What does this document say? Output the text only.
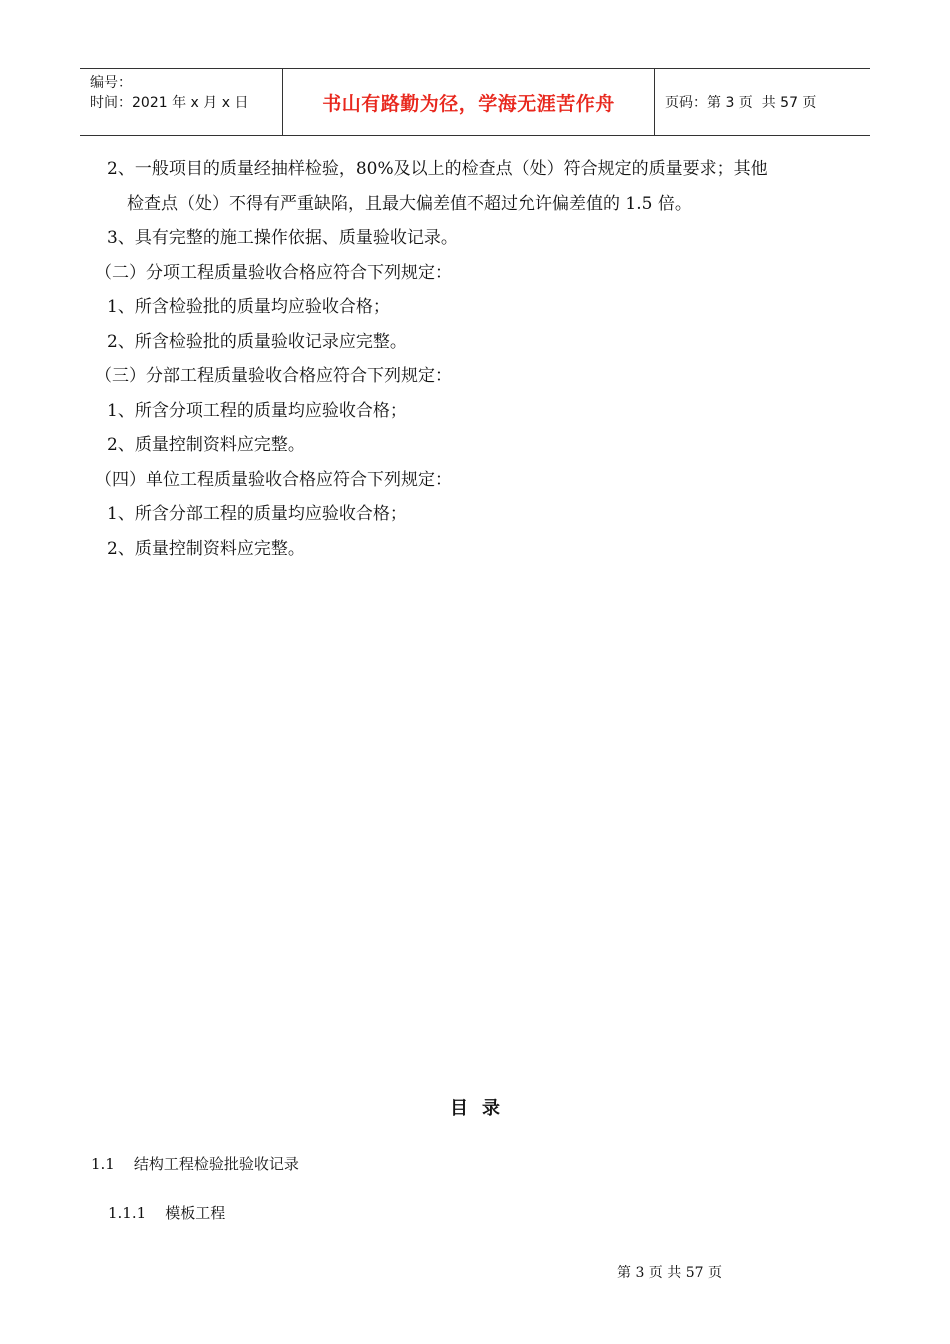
编号：
时间：2021 年 x 月 x 日	书山有路勤为径，学海无涯苦作舟	页码：第 3 页  共 57 页
2、一般项目的质量经抽样检验，80%及以上的检查点（处）符合规定的质量要求；其他
检查点（处）不得有严重缺陷，且最大偏差值不超过允许偏差值的 1.5 倍。
3、具有完整的施工操作依据、质量验收记录。
（二）分项工程质量验收合格应符合下列规定：
1、所含检验批的质量均应验收合格；
2、所含检验批的质量验收记录应完整。
（三）分部工程质量验收合格应符合下列规定：
1、所含分项工程的质量均应验收合格；
2、质量控制资料应完整。
（四）单位工程质量验收合格应符合下列规定：
1、所含分部工程的质量均应验收合格；
2、质量控制资料应完整。
目录
1.1    结构工程检验批验收记录
1.1.1    模板工程
第 3 页 共 57 页
